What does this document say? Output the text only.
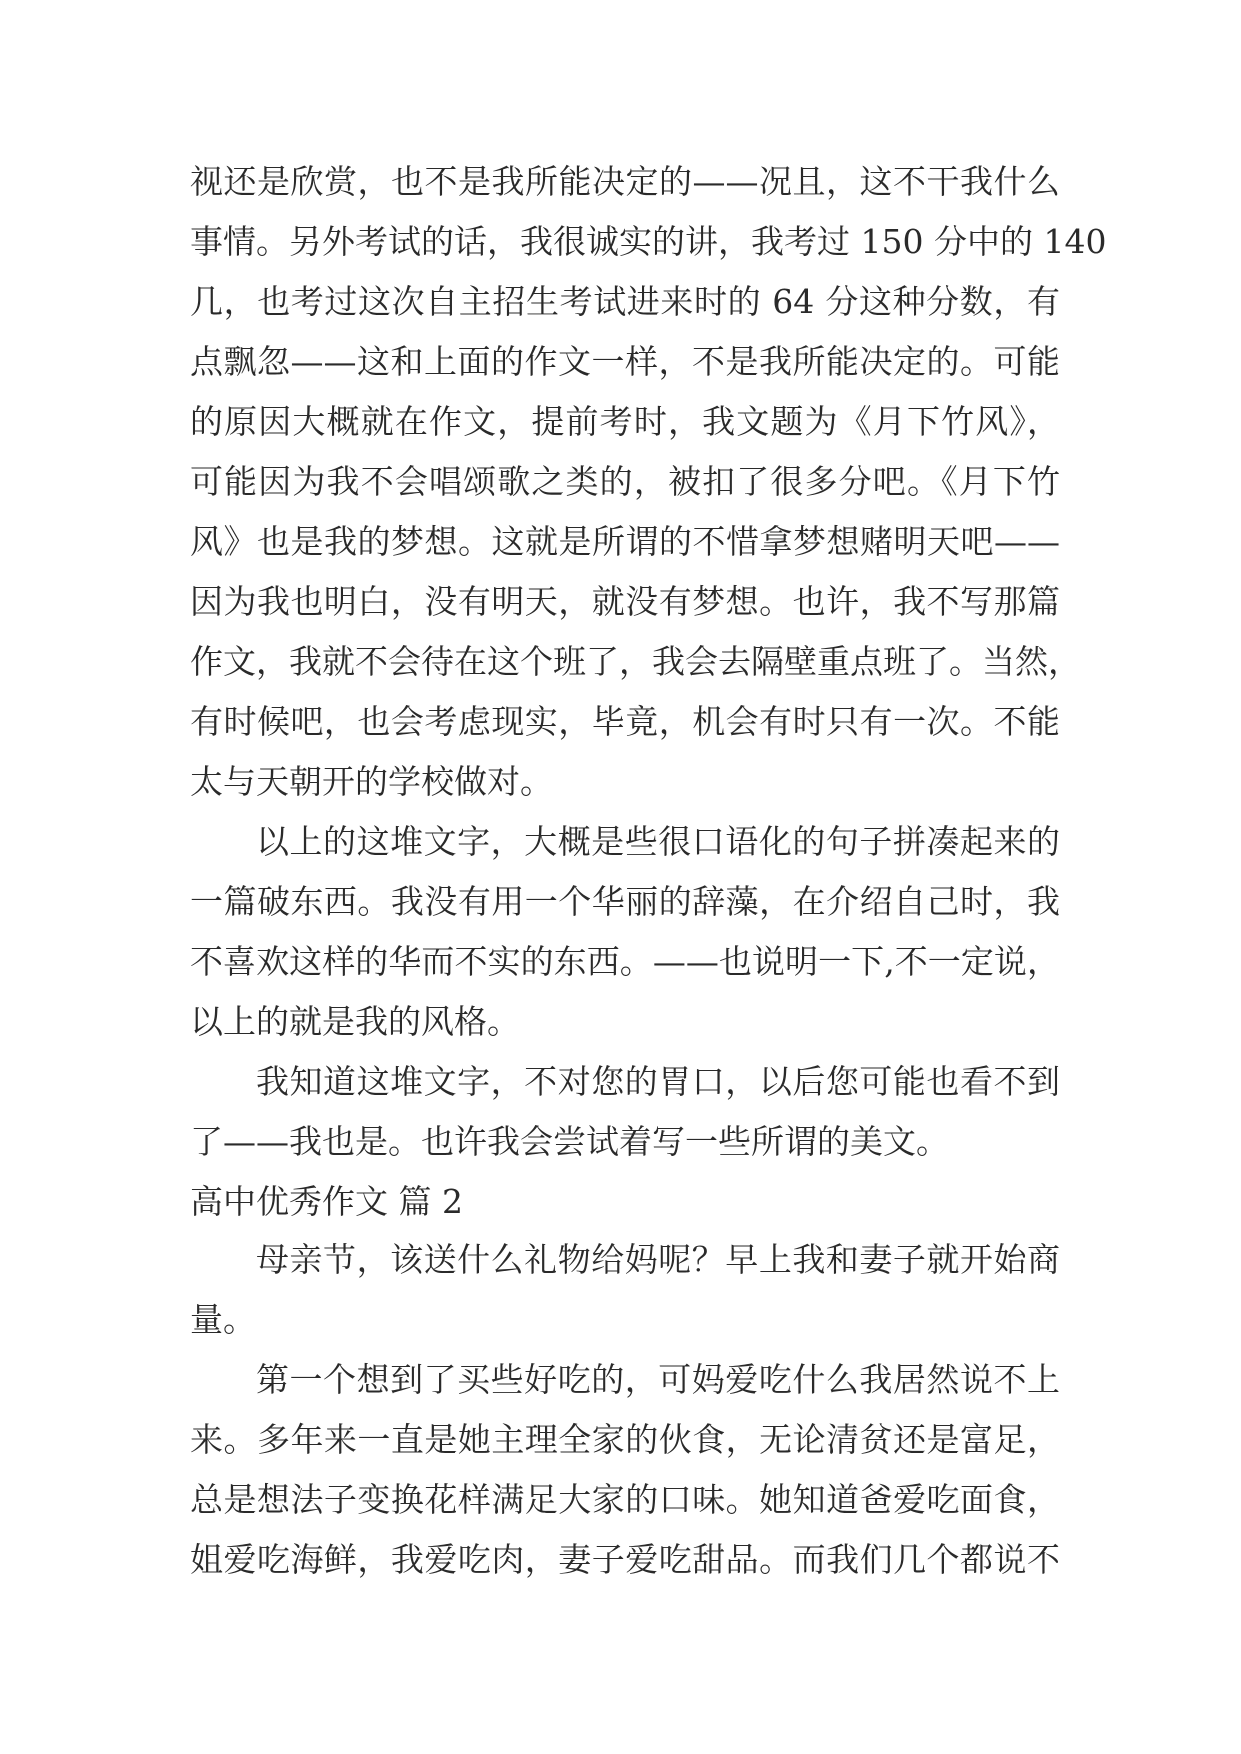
视还是欣赏，也不是我所能决定的——况且，这不干我什么
事情。另外考试的话，我很诚实的讲，我考过 150 分中的 140
几，也考过这次自主招生考试进来时的 64 分这种分数，有
点飘忽——这和上面的作文一样，不是我所能决定的。可能
的原因大概就在作文，提前考时，我文题为《月下竹风》，
可能因为我不会唱颂歌之类的，被扣了很多分吧。《月下竹
风》也是我的梦想。这就是所谓的不惜拿梦想赌明天吧——
因为我也明白，没有明天，就没有梦想。也许，我不写那篇
作文，我就不会待在这个班了，我会去隔壁重点班了。当然，
有时候吧，也会考虑现实，毕竟，机会有时只有一次。不能
太与天朝开的学校做对。
以上的这堆文字，大概是些很口语化的句子拼凑起来的
一篇破东西。我没有用一个华丽的辞藻，在介绍自己时，我
不喜欢这样的华而不实的东西。——也说明一下,不一定说，
以上的就是我的风格。
我知道这堆文字，不对您的胃口，以后您可能也看不到
了——我也是。也许我会尝试着写一些所谓的美文。
高中优秀作文 篇 2
母亲节，该送什么礼物给妈呢？早上我和妻子就开始商
量。
第一个想到了买些好吃的，可妈爱吃什么我居然说不上
来。多年来一直是她主理全家的伙食，无论清贫还是富足，
总是想法子变换花样满足大家的口味。她知道爸爱吃面食，
姐爱吃海鲜，我爱吃肉，妻子爱吃甜品。而我们几个都说不
